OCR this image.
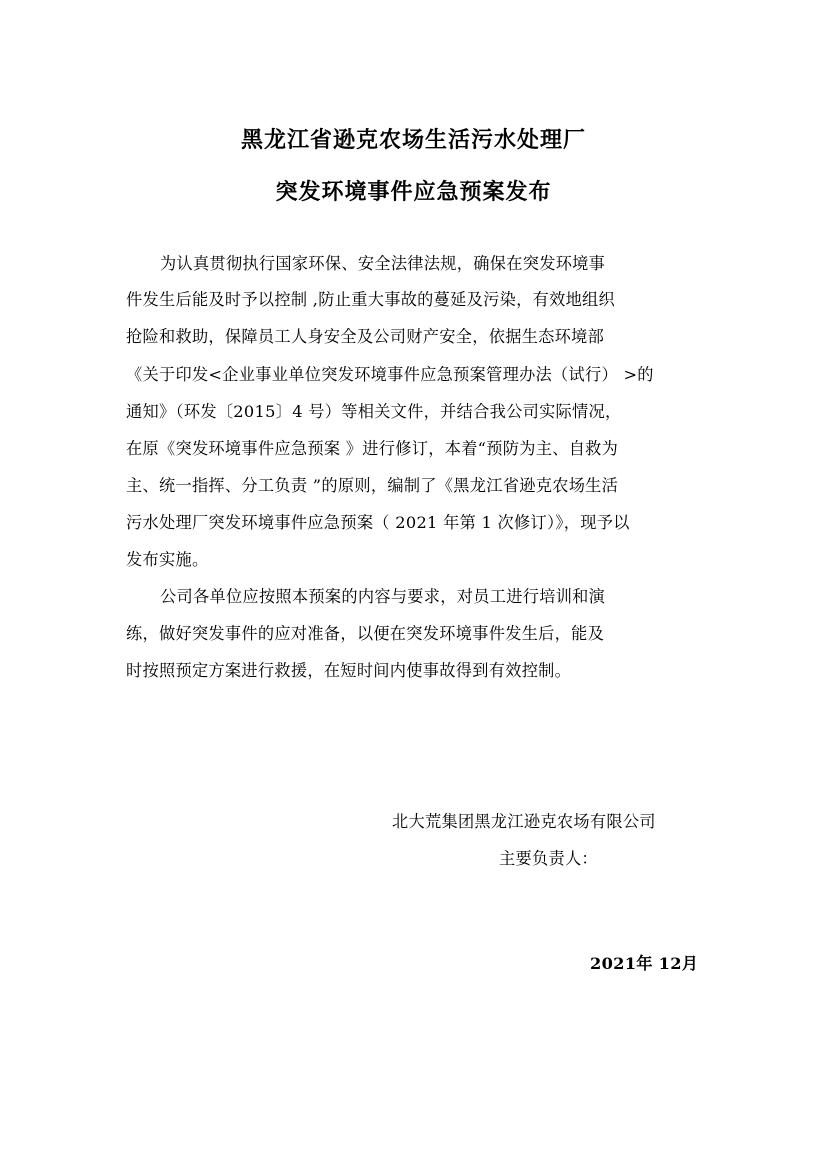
黑龙江省逊克农场生活污水处理厂
突发环境事件应急预案发布
为认真贯彻执行国家环保、安全法律法规，确保在突发环境事
件发生后能及时予以控制 ,防止重大事故的蔓延及污染，有效地组织
抢险和救助，保障员工人身安全及公司财产安全，依据生态环境部
《关于印发<企业事业单位突发环境事件应急预案管理办法（试行） >的
通知》（环发〔2015〕4 号）等相关文件，并结合我公司实际情况，
在原《突发环境事件应急预案 》进行修订，本着“预防为主、自救为
主、统一指挥、分工负责 ”的原则，编制了《黑龙江省逊克农场生活
污水处理厂突发环境事件应急预案（ 2021 年第 1 次修订）》，现予以
发布实施。
公司各单位应按照本预案的内容与要求，对员工进行培训和演
练，做好突发事件的应对准备，以便在突发环境事件发生后，能及
时按照预定方案进行救援，在短时间内使事故得到有效控制。
北大荒集团黑龙江逊克农场有限公司
主要负责人：
2021年 12月
